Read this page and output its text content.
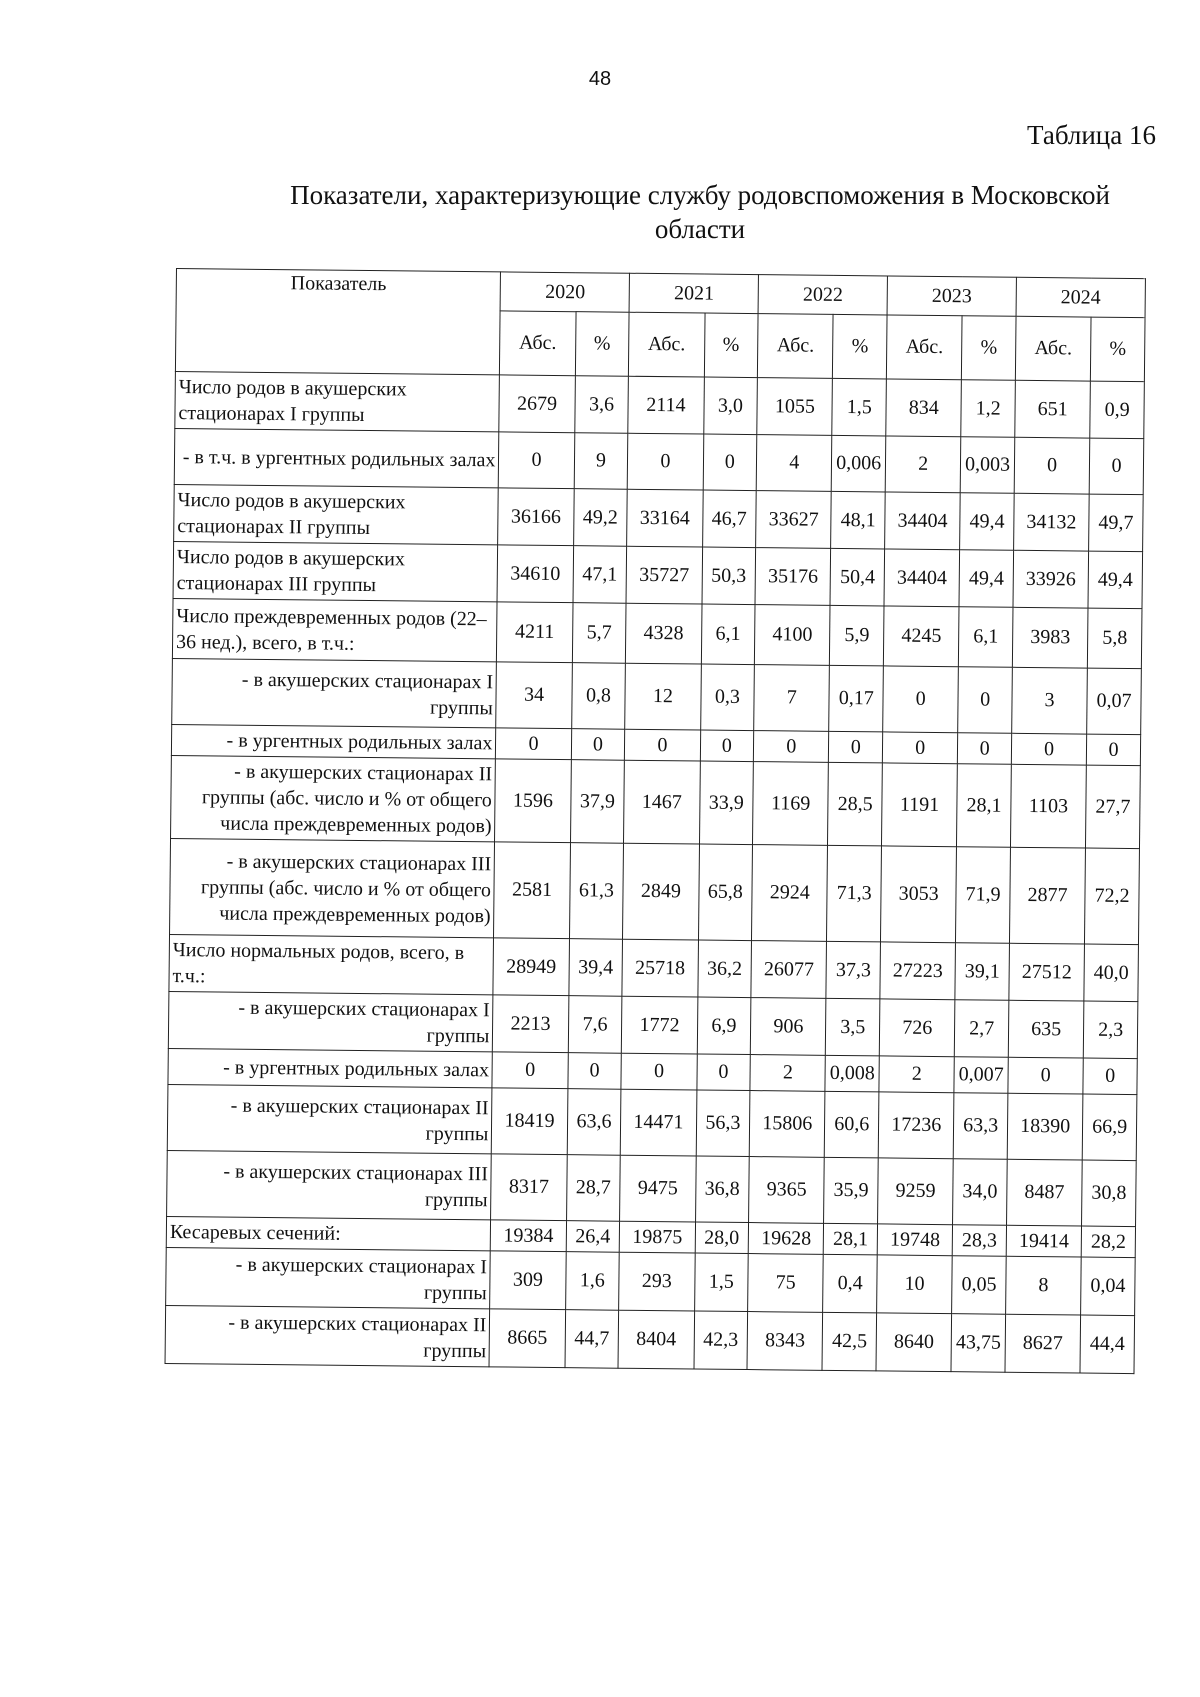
48
Таблица 16
Показатели, характеризующие службу родовспоможения в Московской области
Показатель	2020		2021		2022		2023		2024	
	Абс.	%	Абс.	%	Абс.	%	Абс.	%	Абс.	%
Число родов в акушерских стационарах I группы	2679	3,6	2114	3,0	1055	1,5	834	1,2	651	0,9
- в т.ч. в ургентных родильных залах	0	9	0	0	4	0,006	2	0,003	0	0
Число родов в акушерских стационарах II группы	36166	49,2	33164	46,7	33627	48,1	34404	49,4	34132	49,7
Число родов в акушерских стационарах III группы	34610	47,1	35727	50,3	35176	50,4	34404	49,4	33926	49,4
Число преждевременных родов (22–36 нед.), всего, в т.ч.:	4211	5,7	4328	6,1	4100	5,9	4245	6,1	3983	5,8
- в акушерских стационарах I группы	34	0,8	12	0,3	7	0,17	0	0	3	0,07
- в ургентных родильных залах	0	0	0	0	0	0	0	0	0	0
- в акушерских стационарах II группы (абс. число и % от общего числа преждевременных родов)	1596	37,9	1467	33,9	1169	28,5	1191	28,1	1103	27,7
- в акушерских стационарах III группы (абс. число и % от общего числа преждевременных родов)	2581	61,3	2849	65,8	2924	71,3	3053	71,9	2877	72,2
Число нормальных родов, всего, в т.ч.:	28949	39,4	25718	36,2	26077	37,3	27223	39,1	27512	40,0
- в акушерских стационарах I группы	2213	7,6	1772	6,9	906	3,5	726	2,7	635	2,3
- в ургентных родильных залах	0	0	0	0	2	0,008	2	0,007	0	0
- в акушерских стационарах II группы	18419	63,6	14471	56,3	15806	60,6	17236	63,3	18390	66,9
- в акушерских стационарах III группы	8317	28,7	9475	36,8	9365	35,9	9259	34,0	8487	30,8
Кесаревых сечений:	19384	26,4	19875	28,0	19628	28,1	19748	28,3	19414	28,2
- в акушерских стационарах I группы	309	1,6	293	1,5	75	0,4	10	0,05	8	0,04
- в акушерских стационарах II группы	8665	44,7	8404	42,3	8343	42,5	8640	43,75	8627	44,4
